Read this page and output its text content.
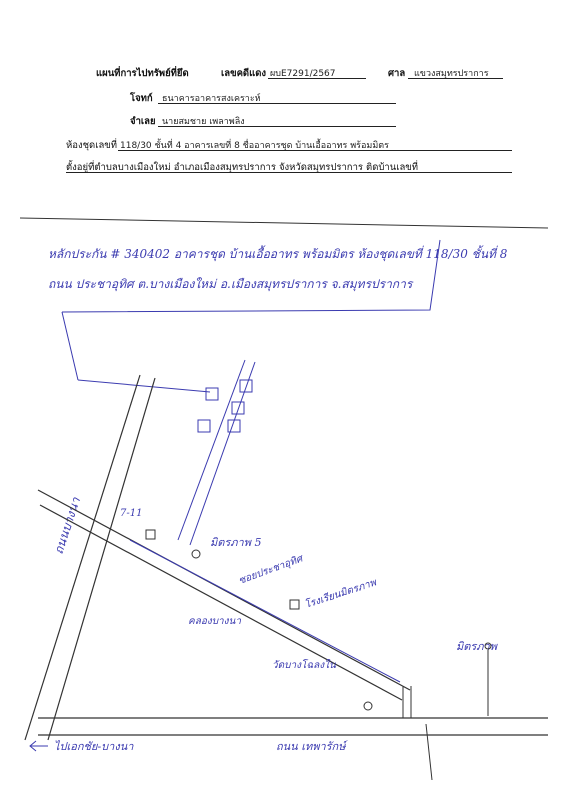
แผนที่การไปทรัพย์ที่ยึด	เลขคดีแดง ผบE7291/2567	ศาล แขวงสมุทรปราการ
โจทก์ ธนาคารอาคารสงเคราะห์
จำเลย นายสมชาย เพลาพลิง
ห้องชุดเลขที่ 118/30 ชั้นที่ 4 อาคารเลขที่ 8 ชื่ออาคารชุด บ้านเอื้ออาทร พร้อมมิตร
ตั้งอยู่ที่ตำบลบางเมืองใหม่ อำเภอเมืองสมุทรปราการ จังหวัดสมุทรปราการ ติดบ้านเลขที่
หลักประกัน # 340402 อาคารชุด บ้านเอื้ออาทร พร้อมมิตร ห้องชุดเลขที่ 118/30 ชั้นที่ 8
ถนน ประชาอุทิศ ต.บางเมืองใหม่ อ.เมืองสมุทรปราการ จ.สมุทรปราการ
ถนนบางนา	7-11
มิตรภาพ 5
ซอยประชาอุทิศ
โรงเรียนมิตรภาพ
คลองบางนา
วัดบางโฉลงใน
มิตรภาพ
ไปเอกชัย-บางนา	ถนน เทพารักษ์
